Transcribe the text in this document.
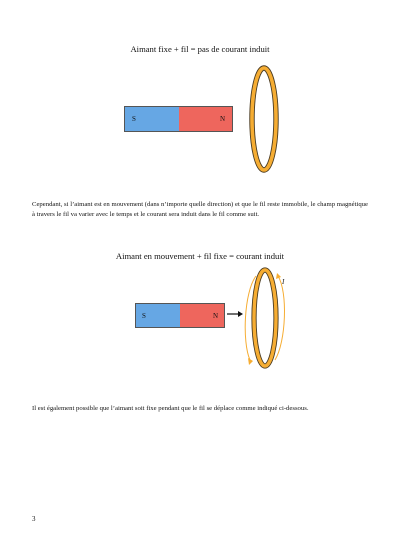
Aimant fixe + fil = pas de courant induit
S	N
Cependant, si l’aimant est en mouvement (dans n’importe quelle direction) et que le fil reste immobile, le champ magnétique à travers le fil va varier avec le temps et le courant sera induit dans le fil comme suit.
Aimant en mouvement + fil fixe = courant induit
S	N
I
Il est également possible que l’aimant soit fixe pendant que le fil se déplace comme indiqué ci-dessous.
3
